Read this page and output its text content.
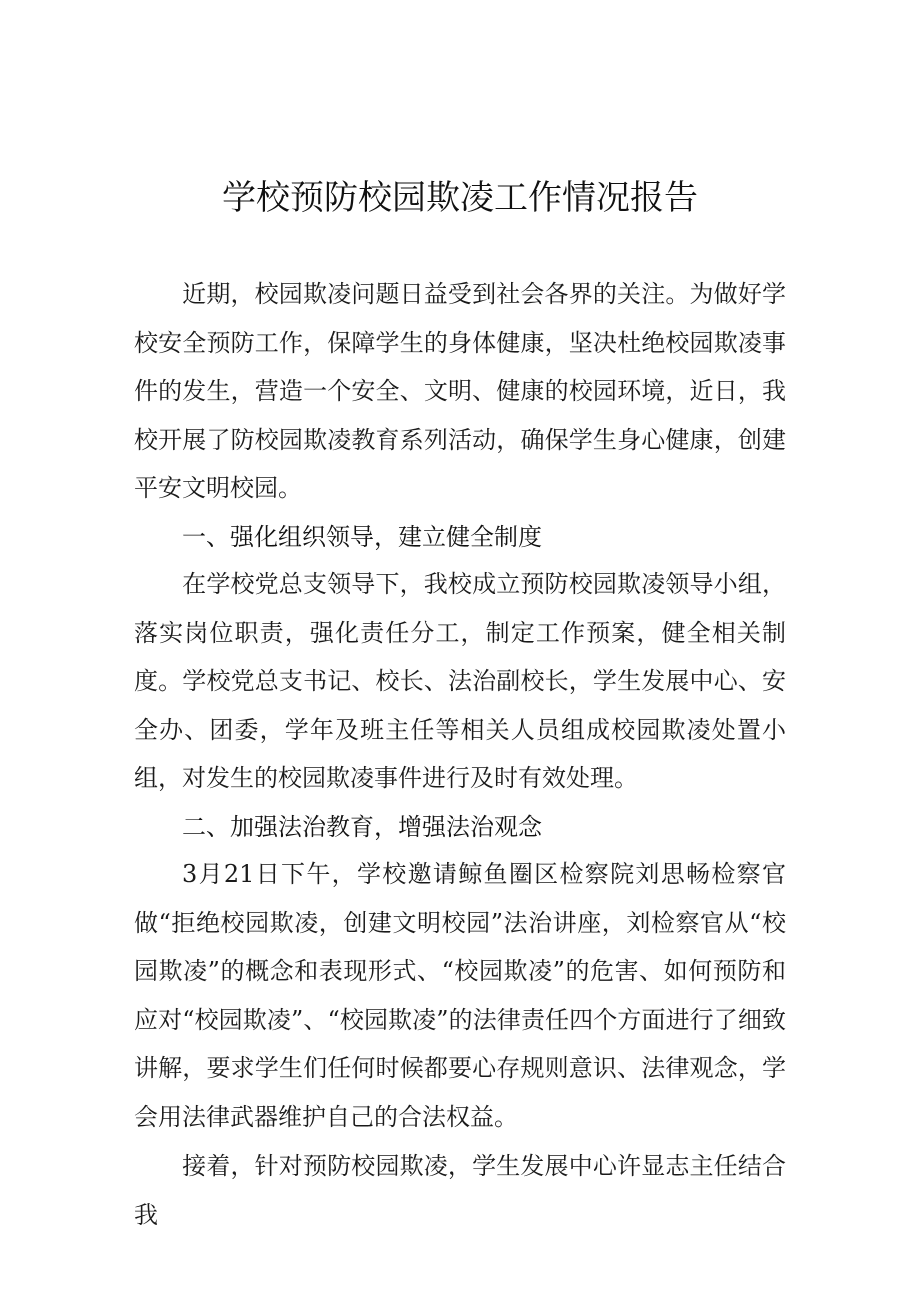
学校预防校园欺凌工作情况报告
近期，校园欺凌问题日益受到社会各界的关注。为做好学校安全预防工作，保障学生的身体健康，坚决杜绝校园欺凌事件的发生，营造一个安全、文明、健康的校园环境，近日，我校开展了防校园欺凌教育系列活动，确保学生身心健康，创建平安文明校园。
一、强化组织领导，建立健全制度
在学校党总支领导下，我校成立预防校园欺凌领导小组，落实岗位职责，强化责任分工，制定工作预案，健全相关制度。学校党总支书记、校长、法治副校长，学生发展中心、安全办、团委，学年及班主任等相关人员组成校园欺凌处置小组，对发生的校园欺凌事件进行及时有效处理。
二、加强法治教育，增强法治观念
3月21日下午，学校邀请鲸鱼圈区检察院刘思畅检察官做“拒绝校园欺凌，创建文明校园”法治讲座，刘检察官从“校园欺凌”的概念和表现形式、“校园欺凌”的危害、如何预防和应对“校园欺凌”、“校园欺凌”的法律责任四个方面进行了细致讲解，要求学生们任何时候都要心存规则意识、法律观念，学会用法律武器维护自己的合法权益。
接着，针对预防校园欺凌，学生发展中心许显志主任结合我
